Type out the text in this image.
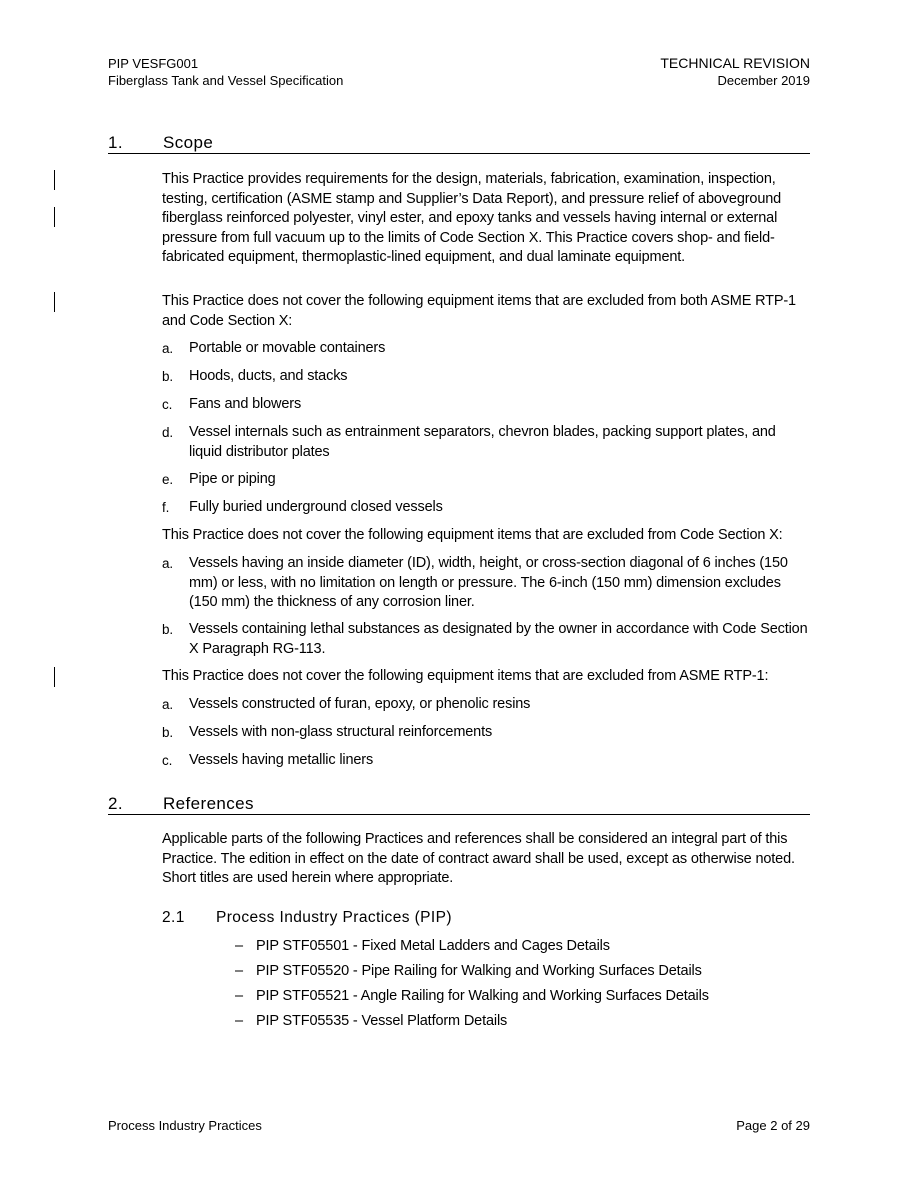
PIP VESFG001
Fiberglass Tank and Vessel Specification
TECHNICAL REVISION
December 2019
1. Scope
This Practice provides requirements for the design, materials, fabrication, examination, inspection, testing, certification (ASME stamp and Supplier’s Data Report), and pressure relief of aboveground fiberglass reinforced polyester, vinyl ester, and epoxy tanks and vessels having internal or external pressure from full vacuum up to the limits of Code Section X. This Practice covers shop- and field-fabricated equipment, thermoplastic-lined equipment, and dual laminate equipment.
This Practice does not cover the following equipment items that are excluded from both ASME RTP-1 and Code Section X:
a. Portable or movable containers
b. Hoods, ducts, and stacks
c. Fans and blowers
d. Vessel internals such as entrainment separators, chevron blades, packing support plates, and liquid distributor plates
e. Pipe or piping
f. Fully buried underground closed vessels
This Practice does not cover the following equipment items that are excluded from Code Section X:
a. Vessels having an inside diameter (ID), width, height, or cross-section diagonal of 6 inches (150 mm) or less, with no limitation on length or pressure. The 6-inch (150 mm) dimension excludes (150 mm) the thickness of any corrosion liner.
b. Vessels containing lethal substances as designated by the owner in accordance with Code Section X Paragraph RG-113.
This Practice does not cover the following equipment items that are excluded from ASME RTP-1:
a. Vessels constructed of furan, epoxy, or phenolic resins
b. Vessels with non-glass structural reinforcements
c. Vessels having metallic liners
2. References
Applicable parts of the following Practices and references shall be considered an integral part of this Practice. The edition in effect on the date of contract award shall be used, except as otherwise noted. Short titles are used herein where appropriate.
2.1 Process Industry Practices (PIP)
– PIP STF05501 - Fixed Metal Ladders and Cages Details
– PIP STF05520 - Pipe Railing for Walking and Working Surfaces Details
– PIP STF05521 - Angle Railing for Walking and Working Surfaces Details
– PIP STF05535 - Vessel Platform Details
Process Industry Practices	Page 2 of 29
